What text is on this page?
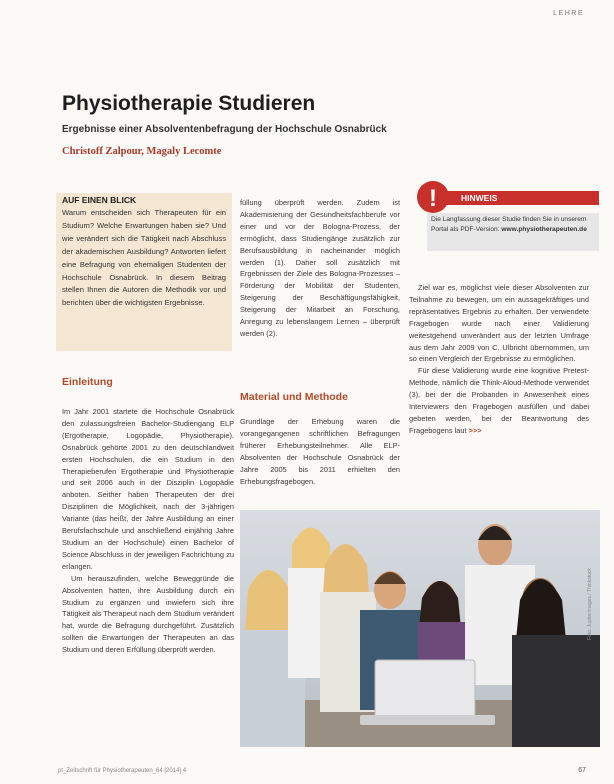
LEHRE
Physiotherapie Studieren
Ergebnisse einer Absolventenbefragung der Hochschule Osnabrück
Christoff Zalpour, Magaly Lecomte
AUF EINEN BLICK

Warum entscheiden sich Therapeuten für ein Studium? Welche Erwartungen haben sie? Und wie verändert sich die Tätigkeit nach Abschluss der akademischen Ausbildung? Antworten liefert eine Befragung von ehemaligen Studenten der Hochschule Osnabrück. In diesem Beitrag stellen Ihnen die Autoren die Methodik vor und berichten über die wichtigsten Ergebnisse.

Einleitung

Im Jahr 2001 startete die Hochschule Osnabrück den zulassungsfreien Bachelor-Studiengang ELP (Ergotherapie, Logopädie, Physiotherapie). Osnabrück gehörte 2001 zu den deutschlandweit ersten Hochschulen, die ein Studium in den Therapieberufen Ergotherapie und Physiotherapie und seit 2006 auch in der Disziplin Logopädie anboten. Seither haben Therapeuten der drei Disziplinen die Möglichkeit, nach der 3-jährigen Variante (das heißt, der Jahre Ausbildung an einer Berufsfachschule und anschließend einjährig Jahre Studium an der Hochschule) einen Bachelor of Science Abschluss in der jeweiligen Fachrichtung zu erlangen.

Um herauszufinden, welche Beweggründe die Absolventen hatten, ihre Ausbildung durch ein Studium zu ergänzen und inwiefern sich ihre Tätigkeit als Therapeut nach dem Studium verändert hat, wurde die Befragung durchgeführt. Zusätzlich sollten die Erwartungen der Therapeuten an das Studium und deren Erfüllung überprüft werden.

füllung überprüft werden. Zudem ist Akademisierung der Gesundheitsfachberufe vor einer und vor der Bologna-Prozess, der ermöglicht, dass Studiengänge zusätzlich zur Berufsausbildung in nacheinander möglich werden (1). Daher soll zusätzlich mit Ergebnissen der Ziele des Bologna-Prozesses – Förderung der Mobilität der Studenten, Steigerung der Beschäftigungsfähigkeit, Steigerung der Mitarbeit an Forschung, Anregung zu lebenslangem Lernen – überprüft werden (2).

Material und Methode

Grundlage der Erhebung waren die vorangegangenen schriftlichen Befragungen früherer Erhebungsteilnehmer. Alle ELP-Absolventen der Hochschule Osnabrück der Jahre 2005 bis 2011 erhielten den Erhebungsfragebogen.

!	HINWEIS
Die Langfassung dieser Studie finden Sie in unserem Portal als PDF-Version: www.physiotherapeuten.de

Ziel war es, möglichst viele dieser Absolventen zur Teilnahme zu bewegen, um ein aussagekräftiges und repräsentatives Ergebnis zu erhalten. Der verwendete Fragebogen wurde nach einer Validierung weitestgehend unverändert aus der letzten Umfrage aus dem Jahr 2009 von C. Ulbricht übernommen, um so einen Vergleich der Ergebnisse zu ermöglichen.

Für diese Validierung wurde eine kognitive Pretest-Methode, nämlich die Think-Aloud-Methode verwendet (3), bei der die Probanden in Anwesenheit eines Interviewers den Fragebogen ausfüllen und dabei gebeten werden, bei der Beantwortung des Fragebogens laut >>>

Foto: Jupiterimages / Thinkstock
pt_Zeitschrift für Physiotherapeuten_64 [2014] 4	67
